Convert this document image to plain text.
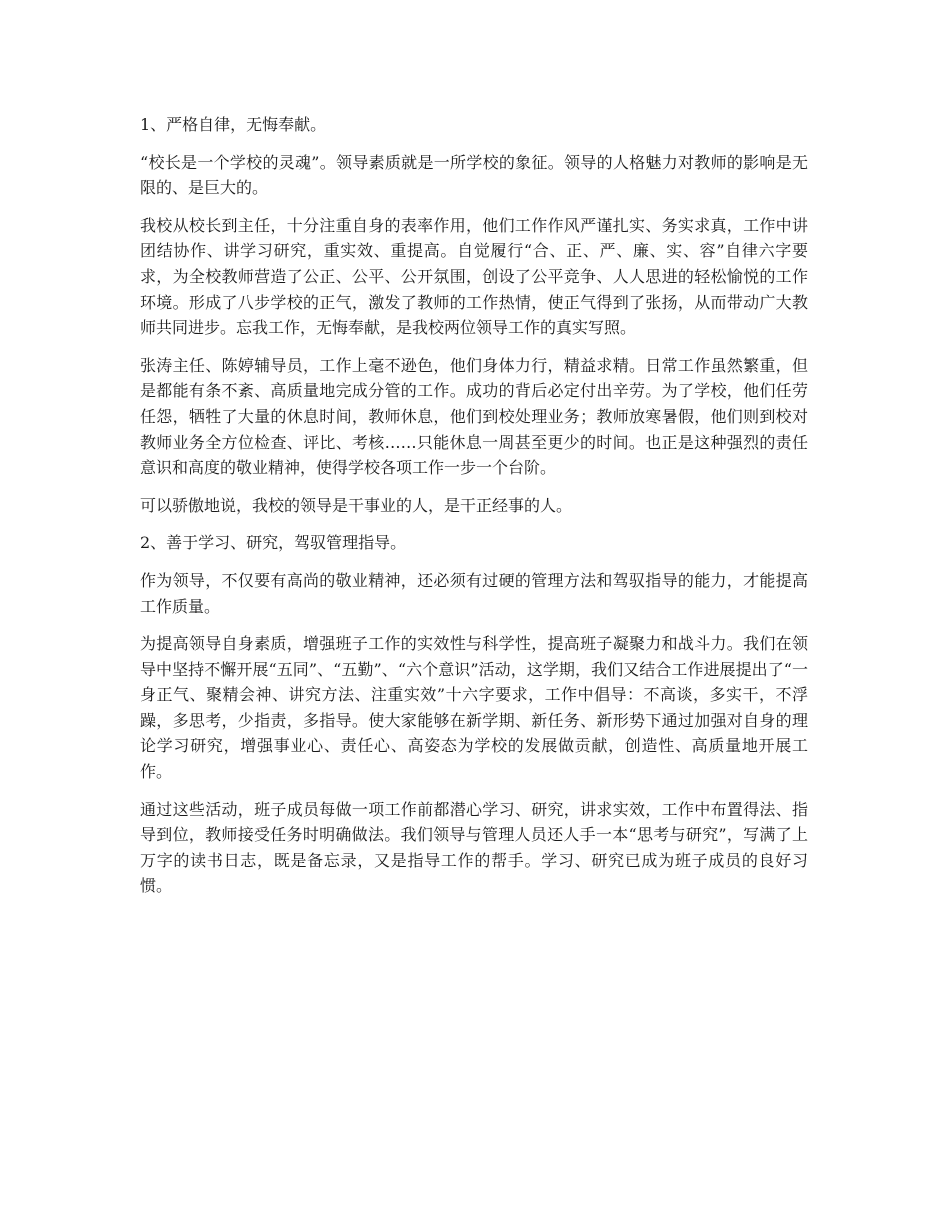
1、严格自律，无悔奉献。

“校长是一个学校的灵魂”。领导素质就是一所学校的象征。领导的人格魅力对教师的影响是无限的、是巨大的。

我校从校长到主任，十分注重自身的表率作用，他们工作作风严谨扎实、务实求真，工作中讲团结协作、讲学习研究，重实效、重提高。自觉履行“合、正、严、廉、实、容”自律六字要求，为全校教师营造了公正、公平、公开氛围，创设了公平竞争、人人思进的轻松愉悦的工作环境。形成了八步学校的正气，激发了教师的工作热情，使正气得到了张扬，从而带动广大教师共同进步。忘我工作，无悔奉献，是我校两位领导工作的真实写照。

张涛主任、陈婷辅导员，工作上毫不逊色，他们身体力行，精益求精。日常工作虽然繁重，但是都能有条不紊、高质量地完成分管的工作。成功的背后必定付出辛劳。为了学校，他们任劳任怨，牺牲了大量的休息时间，教师休息，他们到校处理业务；教师放寒暑假，他们则到校对教师业务全方位检查、评比、考核……只能休息一周甚至更少的时间。也正是这种强烈的责任意识和高度的敬业精神，使得学校各项工作一步一个台阶。

可以骄傲地说，我校的领导是干事业的人，是干正经事的人。

2、善于学习、研究，驾驭管理指导。

作为领导，不仅要有高尚的敬业精神，还必须有过硬的管理方法和驾驭指导的能力，才能提高工作质量。

为提高领导自身素质，增强班子工作的实效性与科学性，提高班子凝聚力和战斗力。我们在领导中坚持不懈开展“五同”、“五勤”、“六个意识”活动，这学期，我们又结合工作进展提出了“一身正气、聚精会神、讲究方法、注重实效”十六字要求，工作中倡导：不高谈，多实干，不浮躁，多思考，少指责，多指导。使大家能够在新学期、新任务、新形势下通过加强对自身的理论学习研究，增强事业心、责任心、高姿态为学校的发展做贡献，创造性、高质量地开展工作。

通过这些活动，班子成员每做一项工作前都潜心学习、研究，讲求实效，工作中布置得法、指导到位，教师接受任务时明确做法。我们领导与管理人员还人手一本“思考与研究”，写满了上万字的读书日志，既是备忘录，又是指导工作的帮手。学习、研究已成为班子成员的良好习惯。
